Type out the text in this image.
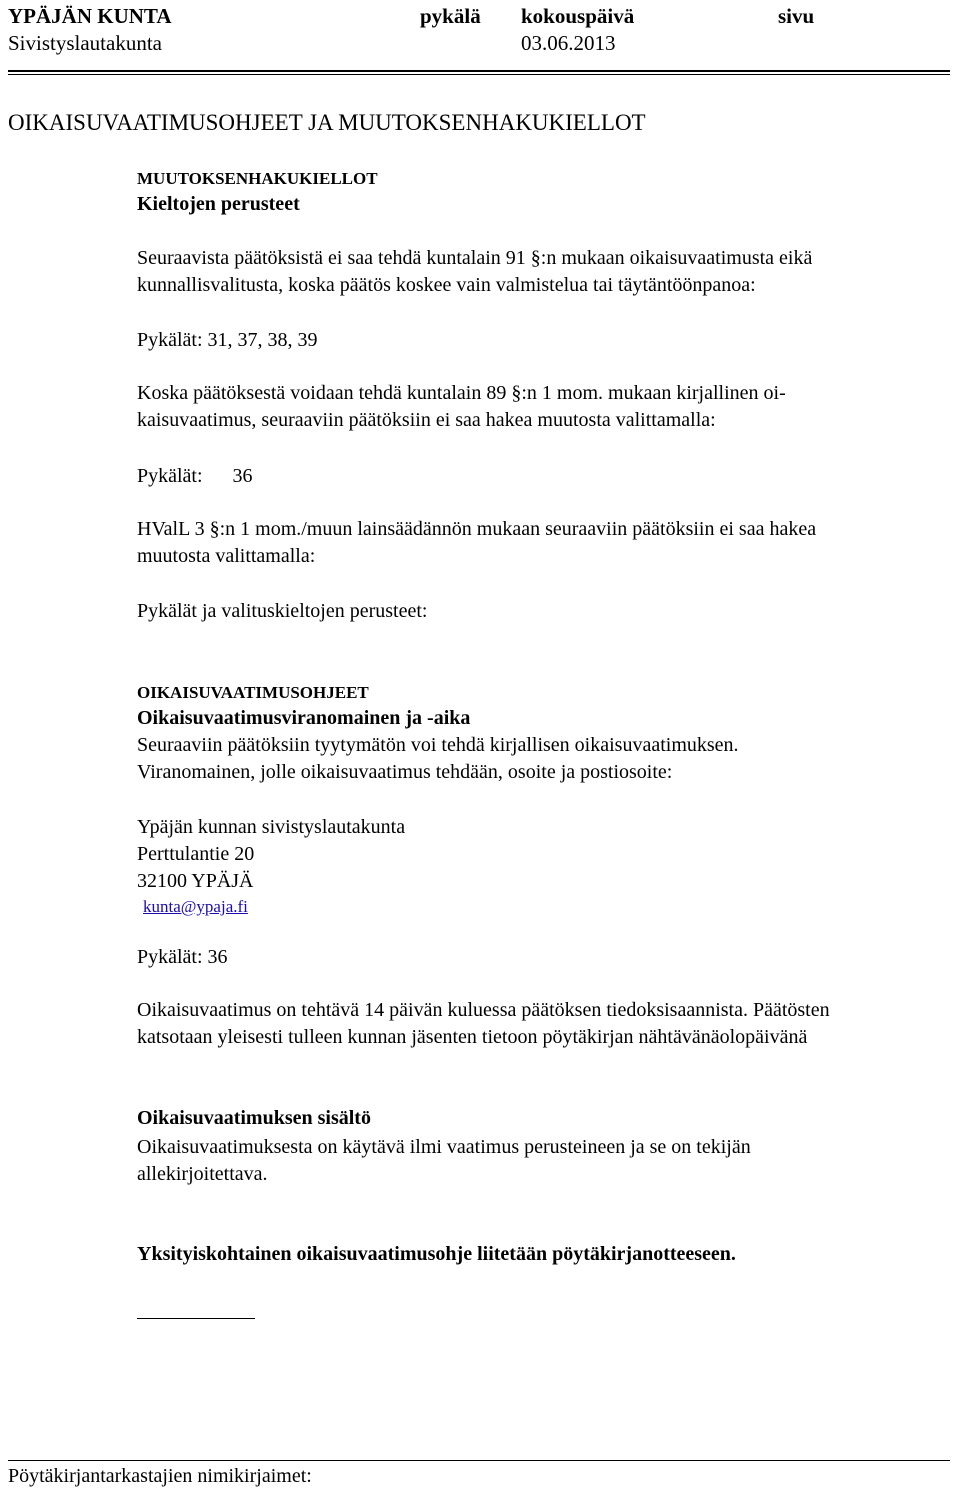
YPÄJÄN KUNTA	pykälä kokouspäivä	sivu
Sivistyslautakunta	03.06.2013
OIKAISUVAATIMUSOHJEET JA MUUTOKSENHAKUKIELLOT
MUUTOKSENHAKUKIELLOT
Kieltojen perusteet
Seuraavista päätöksistä ei saa tehdä kuntalain 91 §:n mukaan oikaisuvaatimusta eikä
kunnallisvalitusta, koska päätös koskee vain valmistelua tai täytäntöönpanoa:
Pykälät: 31, 37, 38, 39
Koska päätöksestä voidaan tehdä kuntalain 89 §:n 1 mom. mukaan kirjallinen oi-
kaisuvaatimus, seuraaviin päätöksiin ei saa hakea muutosta valittamalla:
Pykälät: 36
HValL 3 §:n 1 mom./muun lainsäädännön mukaan seuraaviin päätöksiin ei saa hakea
muutosta valittamalla:
Pykälät ja valituskieltojen perusteet:
OIKAISUVAATIMUSOHJEET
Oikaisuvaatimusviranomainen ja -aika
Seuraaviin päätöksiin tyytymätön voi tehdä kirjallisen oikaisuvaatimuksen.
Viranomainen, jolle oikaisuvaatimus tehdään, osoite ja postiosoite:
Ypäjän kunnan sivistyslautakunta
Perttulantie 20
32100 YPÄJÄ
kunta@ypaja.fi
Pykälät: 36
Oikaisuvaatimus on tehtävä 14 päivän kuluessa päätöksen tiedoksisaannista. Päätösten
katsotaan yleisesti tulleen kunnan jäsenten tietoon pöytäkirjan nähtävänäolopäivänä
Oikaisuvaatimuksen sisältö
Oikaisuvaatimuksesta on käytävä ilmi vaatimus perusteineen ja se on tekijän
allekirjoitettava.
Yksityiskohtainen oikaisuvaatimusohje liitetään pöytäkirjanotteeseen.
Pöytäkirjantarkastajien nimikirjaimet:
